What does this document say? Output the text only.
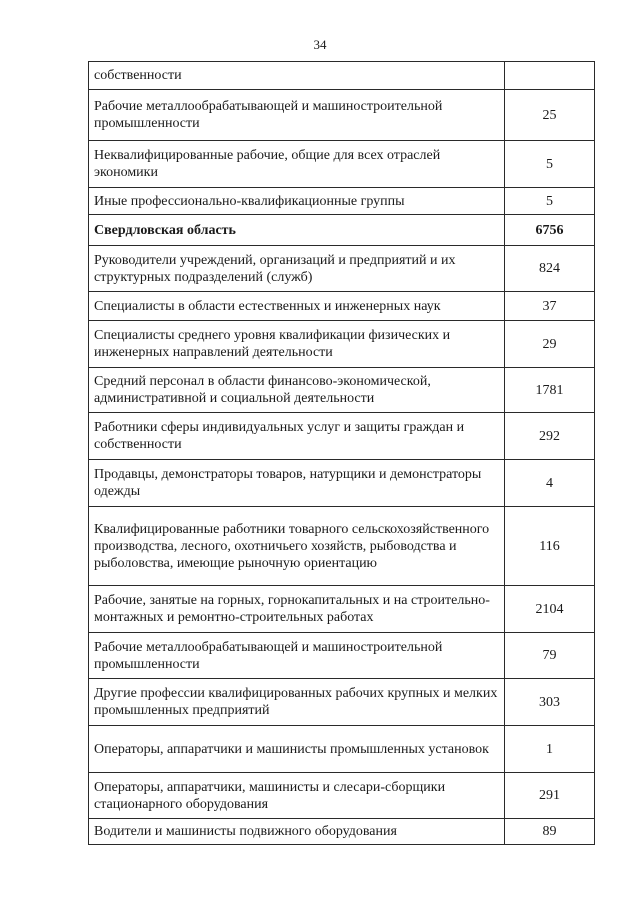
34
собственности	
Рабочие металлообрабатывающей и машиностроительной промышленности	25
Неквалифицированные рабочие, общие для всех отраслей экономики	5
Иные профессионально-квалификационные группы	5
Свердловская область	6756
Руководители учреждений, организаций и предприятий и их структурных подразделений (служб)	824
Специалисты в области естественных и инженерных наук	37
Специалисты среднего уровня квалификации физических и инженерных направлений деятельности	29
Средний персонал в области финансово-экономической, административной и социальной деятельности	1781
Работники сферы индивидуальных услуг и защиты граждан и собственности	292
Продавцы, демонстраторы товаров, натурщики и демонстраторы одежды	4
Квалифицированные работники товарного сельскохозяйственного производства, лесного, охотничьего хозяйств, рыбоводства и рыболовства, имеющие рыночную ориентацию	116
Рабочие, занятые на горных, горнокапитальных и на строительно-монтажных и ремонтно-строительных работах	2104
Рабочие металлообрабатывающей и машиностроительной промышленности	79
Другие профессии квалифицированных рабочих крупных и мелких промышленных предприятий	303
Операторы, аппаратчики и машинисты промышленных установок	1
Операторы, аппаратчики, машинисты и слесари-сборщики стационарного оборудования	291
Водители и машинисты подвижного оборудования	89
